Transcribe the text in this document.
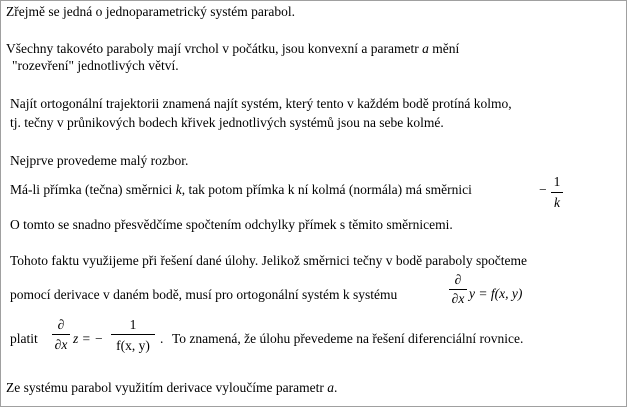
Zřejmě se jedná o jednoparametrický systém parabol.
Všechny takovéto paraboly mají vrchol v počátku, jsou konvexní a parametr a mění
"rozevření" jednotlivých větví.
Najít ortogonální trajektorii znamená najít systém, který tento v každém bodě protíná kolmo,
tj. tečny v průnikových bodech křivek jednotlivých systémů jsou na sebe kolmé.
Nejprve provedeme malý rozbor.
Má-li přímka (tečna) směrnici k, tak potom přímka k ní kolmá (normála) má směrnici	−
1
k
O tomto se snadno přesvědčíme spočtením odchylky přímek s těmito směrnicemi.
Tohoto faktu využijeme při řešení dané úlohy. Jelikož směrnici tečny v bodě paraboly spočteme
pomocí derivace v daném bodě, musí pro ortogonální systém k systému
∂
∂x y = f(x, y)
platit
∂
∂x z = −
1
f(x, y) . To znamená, že úlohu převedeme na řešení diferenciální rovnice.
Ze systému parabol využitím derivace vyloučíme parametr a.
